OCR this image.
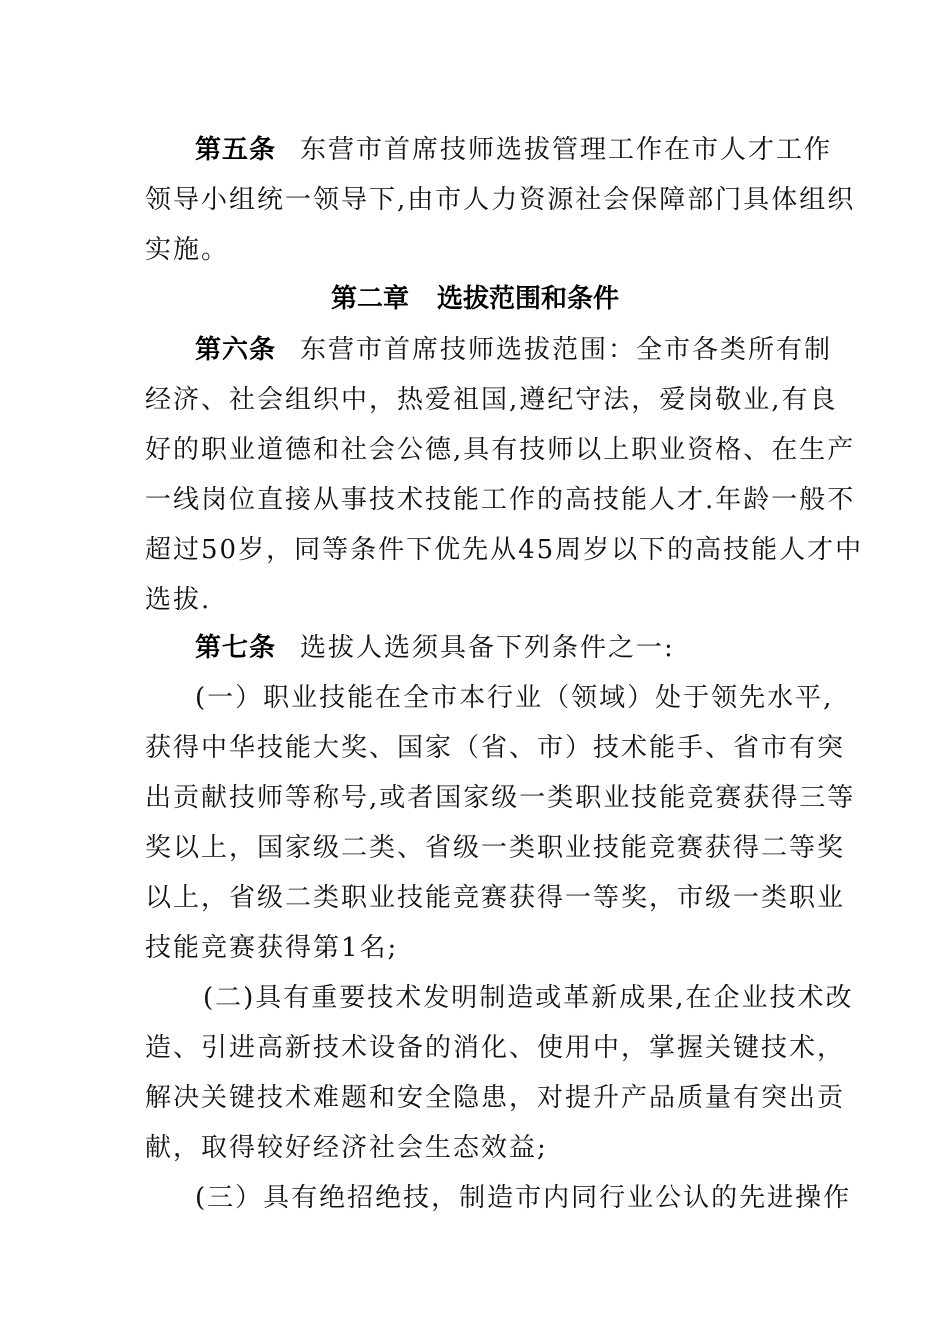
第五条 东营市首席技师选拔管理工作在市人才工作
领导小组统一领导下,由市人力资源社会保障部门具体组织
实施。
第二章 选拔范围和条件
第六条 东营市首席技师选拔范围：全市各类所有制
经济、社会组织中，热爱祖国,遵纪守法，爱岗敬业,有良
好的职业道德和社会公德,具有技师以上职业资格、在生产
一线岗位直接从事技术技能工作的高技能人才.年龄一般不
超过50岁，同等条件下优先从45周岁以下的高技能人才中
选拔.
第七条 选拔人选须具备下列条件之一:
(一）职业技能在全市本行业（领域）处于领先水平,
获得中华技能大奖、国家（省、市）技术能手、省市有突
出贡献技师等称号,或者国家级一类职业技能竞赛获得三等
奖以上，国家级二类、省级一类职业技能竞赛获得二等奖
以上，省级二类职业技能竞赛获得一等奖，市级一类职业
技能竞赛获得第1名;
(二)具有重要技术发明制造或革新成果,在企业技术改
造、引进高新技术设备的消化、使用中，掌握关键技术，
解决关键技术难题和安全隐患，对提升产品质量有突出贡
献，取得较好经济社会生态效益;
(三）具有绝招绝技，制造市内同行业公认的先进操作
